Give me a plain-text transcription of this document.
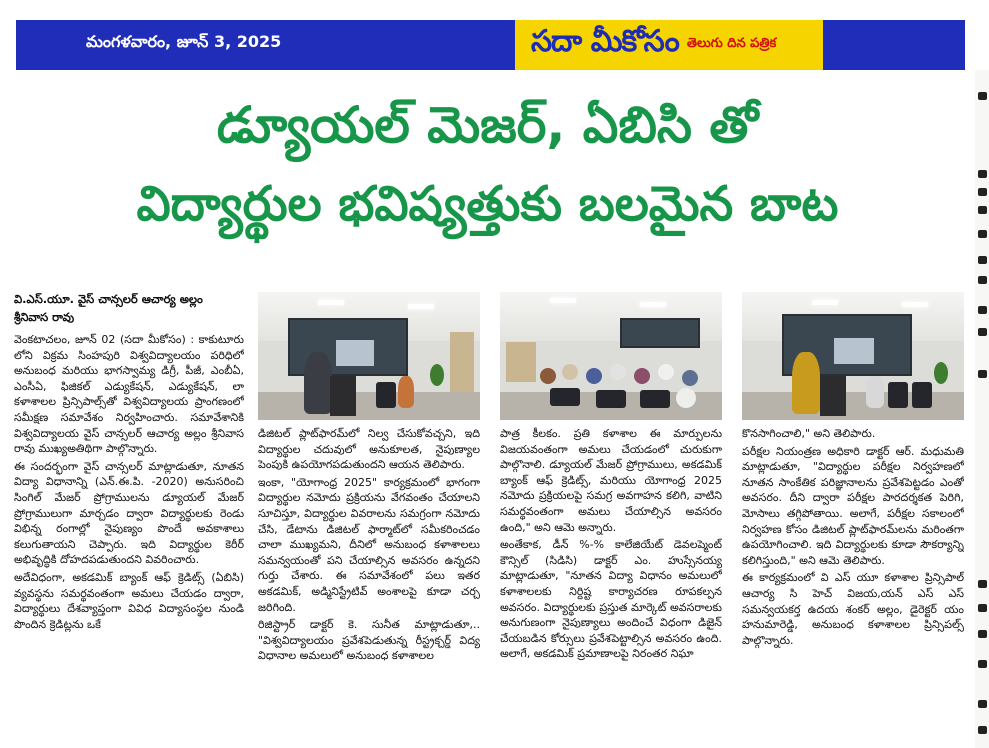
మంగళవారం, జూన్ 3, 2025	సదా మీకోసం తెలుగు దిన పత్రిక
డ్యూయల్ మెజర్, ఏబిసి తో
విద్యార్థుల భవిష్యత్తుకు బలమైన బాట
వి.ఎస్.యూ. వైస్ చాన్సలర్ ఆచార్య అల్లం
శ్రీనివాస రావు

వెంకటాచలం, జూన్ 02 (సదా మీకోసం) : కాకుటూరు లోని విక్రమ సింహపురి విశ్వవిద్యాలయం పరిధిలో అనుబంధ మరియు భాగస్వామ్య డిగ్రీ, పీజీ, ఎంబీఏ, ఎంసీఏ, ఫిజికల్ ఎడ్యుకేషన్, ఎడ్యుకేషన్, లా కళాశాలల ప్రిన్సిపాల్స్‌తో విశ్వవిద్యాలయ ప్రాంగణంలో సమీక్షణ సమావేశం నిర్వహించారు. సమావేశానికి విశ్వవిద్యాలయ వైస్ చాన్సలర్ ఆచార్య అల్లం శ్రీనివాస రావు ముఖ్యఅతిథిగా పాల్గొన్నారు.

ఈ సందర్భంగా వైస్ చాన్సలర్ మాట్లాడుతూ, నూతన విద్యా విధానాన్ని (ఎన్.ఈ.పి. -2020) అనుసరించి సింగిల్ మేజర్ ప్రోగ్రాములను డ్యూయల్ మేజర్ ప్రోగ్రాములుగా మార్చడం ద్వారా విద్యార్థులకు రెండు విభిన్న రంగాల్లో నైపుణ్యం పొందే అవకాశాలు కలుగుతాయని చెప్పారు. ఇది విద్యార్థుల కెరీర్ అభివృద్ధికి దోహదపడుతుందని వివరించారు.

అదేవిధంగా, అకడమిక్ బ్యాంక్ ఆఫ్ క్రెడిట్స్ (ఏబిసి) వ్యవస్థను సమర్థవంతంగా అమలు చేయడం ద్వారా, విద్యార్థులు దేశవ్యాప్తంగా వివిధ విద్యాసంస్థల నుండి పొందిన క్రెడిట్లను ఒకే

డిజిటల్ ప్లాట్‌ఫారమ్‌లో నిల్వ చేసుకోవచ్చని, ఇది విద్యార్థుల చదువులో అనుకూలత, నైపుణ్యాల పెంపుకి ఉపయోగపడుతుందని ఆయన తెలిపారు.

ఇంకా, "యోగాంధ్ర 2025" కార్యక్రమంలో భాగంగా విద్యార్థుల నమోదు ప్రక్రియను వేగవంతం చేయాలని సూచిస్తూ, విద్యార్థుల వివరాలను సమగ్రంగా నమోదు చేసి, డేటాను డిజిటల్ ఫార్మాట్‌లో సమీకరించడం చాలా ముఖ్యమని, దీనిలో అనుబంధ కళాశాలలు సమన్వయంతో పని చేయాల్సిన అవసరం ఉన్నదని గుర్తు చేశారు. ఈ సమావేశంలో పలు ఇతర అకడమిక్, అడ్మినిస్ట్రేటివ్ అంశాలపై కూడా చర్చ జరిగింది.

రిజిస్ట్రార్ డాక్టర్ కె. సునీత మాట్లాడుతూ,.. "విశ్వవిద్యాలయం ప్రవేశపెడుతున్న రీస్ట్రక్చర్డ్ విద్య విధానాల అమలులో అనుబంధ కళాశాలల

పాత్ర కీలకం. ప్రతి కళాశాల ఈ మార్పులను విజయవంతంగా అమలు చేయడంలో చురుకుగా పాల్గొనాలి. డ్యూయల్ మేజర్ ప్రోగ్రాములు, అకడమిక్ బ్యాంక్ ఆఫ్ క్రెడిట్స్, మరియు యోగాంధ్ర 2025 నమోదు ప్రక్రియలపై సమగ్ర అవగాహన కలిగి, వాటిని సమర్థవంతంగా అమలు చేయాల్సిన అవసరం ఉంది," అని ఆమె అన్నారు.

అంతేకాక, డీన్ %-% కాలేజియేట్ డెవలప్మెంట్ కౌన్సిల్ (సిడిసి) డాక్టర్ ఎం. హుస్సేనయ్య మాట్లాడుతూ, "నూతన విద్యా విధానం అమలులో కళాశాలలకు నిర్దిష్ట కార్యాచరణ రూపకల్పన అవసరం. విద్యార్థులకు ప్రస్తుత మార్కెట్ అవసరాలకు అనుగుణంగా నైపుణ్యాలు అందించే విధంగా డిజైన్ చేయబడిన కోర్సులు ప్రవేశపెట్టాల్సిన అవసరం ఉంది. అలాగే, అకడమిక్ ప్రమాణాలపై నిరంతర నిఘా

కొనసాగించాలి," అని తెలిపారు.

పరీక్షల నియంత్రణ అధికారి డాక్టర్ ఆర్. మధుమతి మాట్లాడుతూ, "విద్యార్థుల పరీక్షల నిర్వహణలో నూతన సాంకేతిక పరిజ్ఞానాలను ప్రవేశపెట్టడం ఎంతో అవసరం. దీని ద్వారా పరీక్షల పారదర్శకత పెరిగి, మోసాలు తగ్గిపోతాయి. అలాగే, పరీక్షల సకాలంలో నిర్వహణ కోసం డిజిటల్ ప్లాట్‌ఫారమ్‌లను మరింతగా ఉపయోగించాలి. ఇది విద్యార్థులకు కూడా సౌకర్యాన్ని కలిగిస్తుంది," అని ఆమె తెలిపారు.

ఈ కార్యక్రమంలో వి ఎస్ యూ కళాశాల ప్రిన్సిపాల్ ఆచార్య సి హెచ్ విజయ,యన్ ఎస్ ఎస్ సమన్వయకర్త ఉదయ శంకర్ అల్లం, డైరెక్టర్ యం హనుమారెడ్డి, అనుబంధ కళాశాలల ప్రిన్సిపల్స్ పాల్గొన్నారు.
